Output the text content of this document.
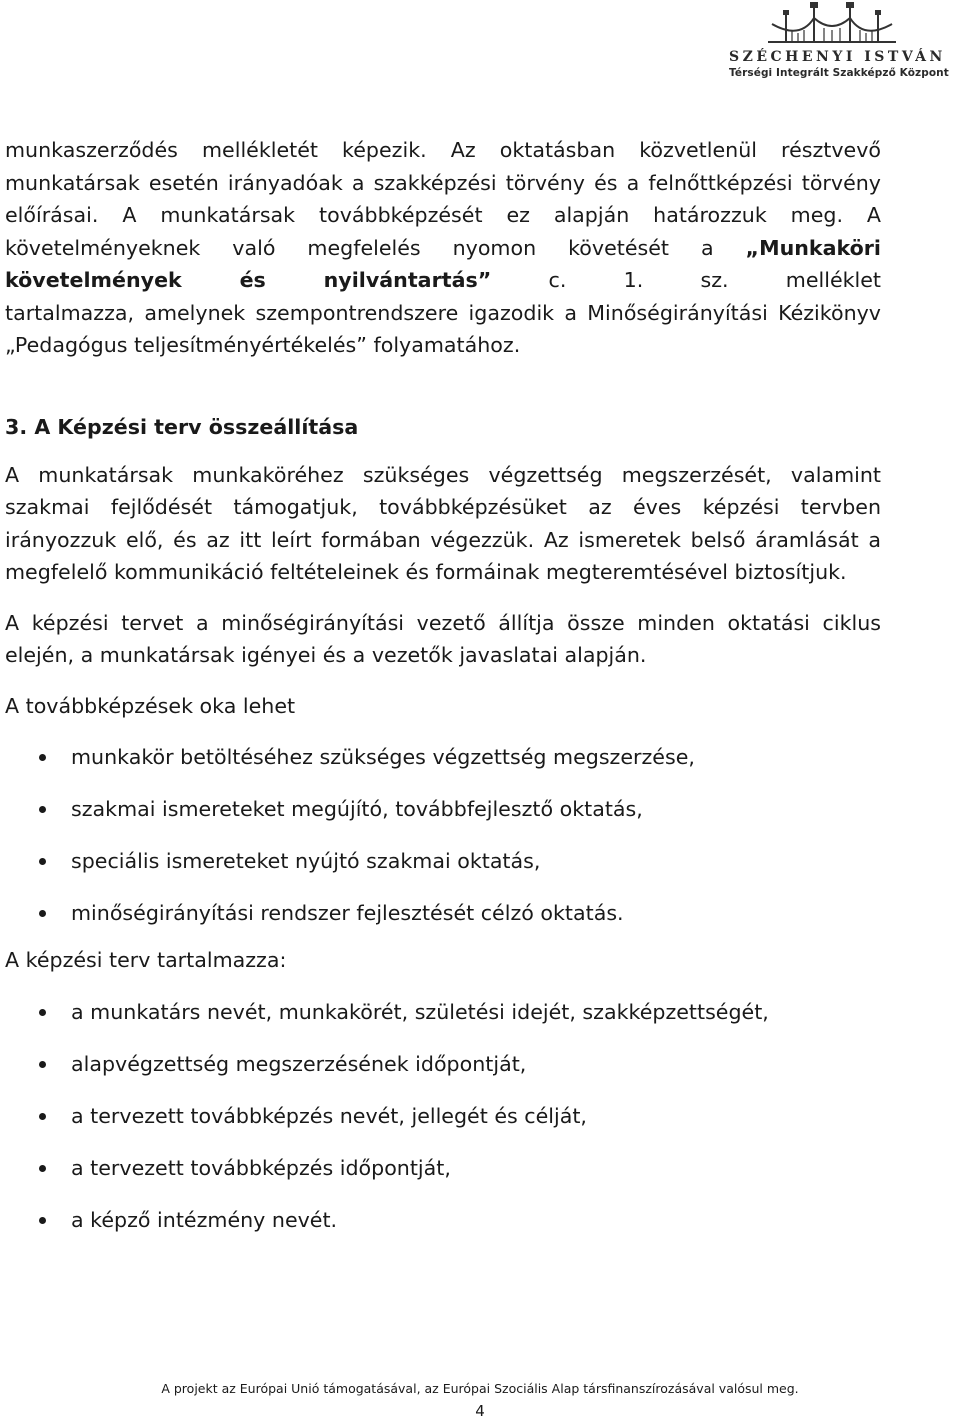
SZÉCHENYI ISTVÁN
Térségi Integrált Szakképző Központ

munkaszerződés mellékletét képezik. Az oktatásban közvetlenül résztvevő munkatársak esetén irányadóak a szakképzési törvény és a felnőttképzési törvény előírásai. A munkatársak továbbképzését ez alapján határozzuk meg. A követelményeknek való megfelelés nyomon követését a „Munkaköri követelmények és nyilvántartás” c. 1. sz. melléklet

tartalmazza, amelynek szempontrendszere igazodik a Minőségirányítási Kézikönyv „Pedagógus teljesítményértékelés” folyamatához.

3. A Képzési terv összeállítása

A munkatársak munkaköréhez szükséges végzettség megszerzését, valamint szakmai fejlődését támogatjuk, továbbképzésüket az éves képzési tervben irányozzuk elő, és az itt leírt formában végezzük. Az ismeretek belső áramlását a megfelelő kommunikáció feltételeinek és formáinak megteremtésével biztosítjuk.

A képzési tervet a minőségirányítási vezető állítja össze minden oktatási ciklus elején, a munkatársak igényei és a vezetők javaslatai alapján.

A továbbképzések oka lehet

munkakör betöltéséhez szükséges végzettség megszerzése,
szakmai ismereteket megújító, továbbfejlesztő oktatás,
speciális ismereteket nyújtó szakmai oktatás,
minőségirányítási rendszer fejlesztését célzó oktatás.

A képzési terv tartalmazza:

a munkatárs nevét, munkakörét, születési idejét, szakképzettségét,
alapvégzettség megszerzésének időpontját,
a tervezett továbbképzés nevét, jellegét és célját,
a tervezett továbbképzés időpontját,
a képző intézmény nevét.
A projekt az Európai Unió támogatásával, az Európai Szociális Alap társfinanszírozásával valósul meg.
4
